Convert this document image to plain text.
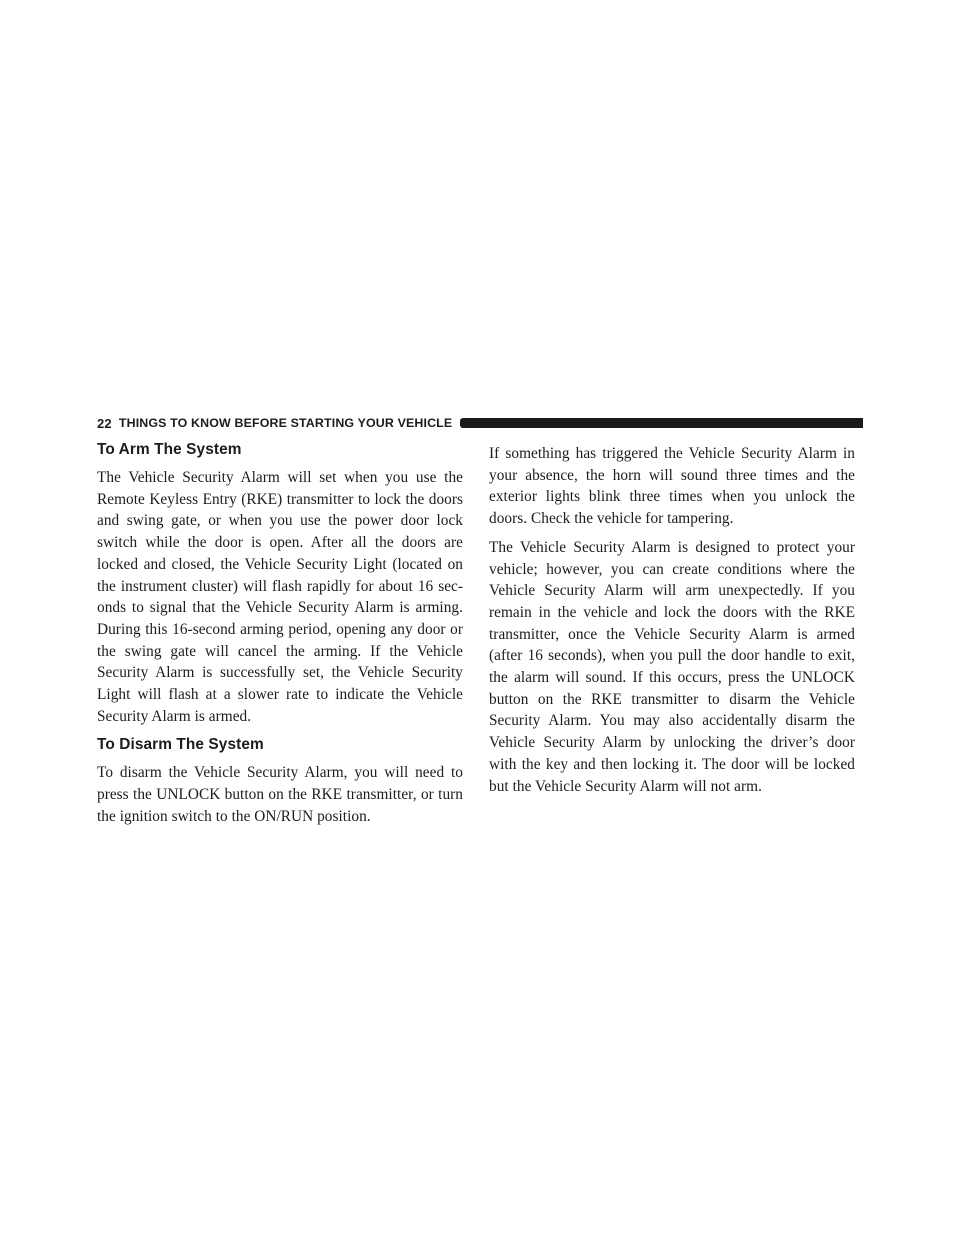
22 THINGS TO KNOW BEFORE STARTING YOUR VEHICLE
To Arm The System

The Vehicle Security Alarm will set when you use the Remote Keyless Entry (RKE) transmitter to lock the doors and swing gate, or when you use the power door lock switch while the door is open. After all the doors are locked and closed, the Vehicle Security Light (located on the instrument cluster) will flash rapidly for about 16 seconds to signal that the Vehicle Security Alarm is arming. During this 16-second arming period, opening any door or the swing gate will cancel the arming. If the Vehicle Security Alarm is successfully set, the Vehicle Security Light will flash at a slower rate to indicate the Vehicle Security Alarm is armed.

To Disarm The System

To disarm the Vehicle Security Alarm, you will need to press the UNLOCK button on the RKE transmitter, or turn the ignition switch to the ON/RUN position.

If something has triggered the Vehicle Security Alarm in your absence, the horn will sound three times and the exterior lights blink three times when you unlock the doors. Check the vehicle for tampering.

The Vehicle Security Alarm is designed to protect your vehicle; however, you can create conditions where the Vehicle Security Alarm will arm unexpectedly. If you remain in the vehicle and lock the doors with the RKE transmitter, once the Vehicle Security Alarm is armed (after 16 seconds), when you pull the door handle to exit, the alarm will sound. If this occurs, press the UNLOCK button on the RKE transmitter to disarm the Vehicle Security Alarm. You may also accidentally disarm the Vehicle Security Alarm by unlocking the driver’s door with the key and then locking it. The door will be locked but the Vehicle Security Alarm will not arm.
